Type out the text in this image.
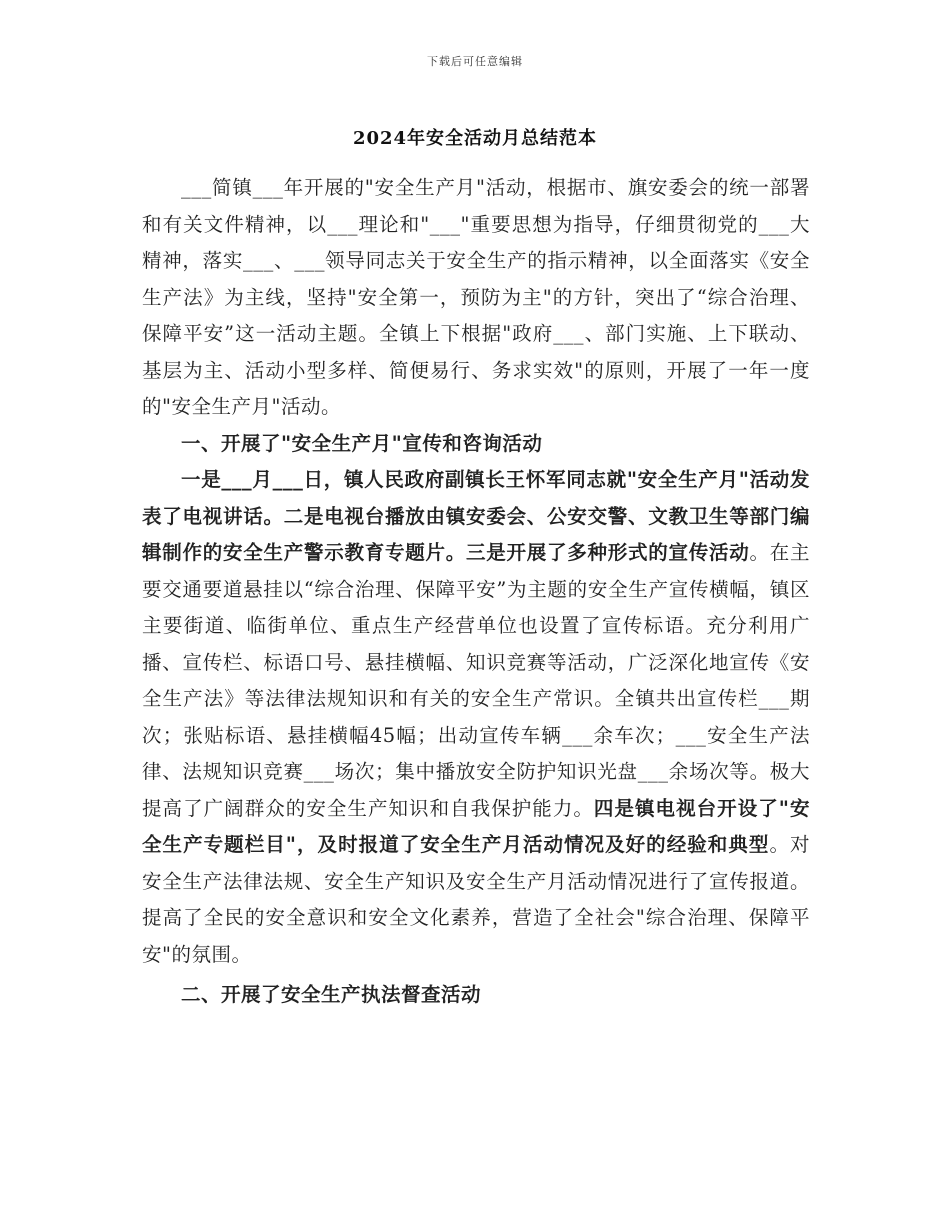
下载后可任意编辑
2024年安全活动月总结范本

___简镇___年开展的"安全生产月"活动，根据市、旗安委会的统一部署和有关文件精神，以___理论和"___"重要思想为指导，仔细贯彻党的___大精神，落实___、___领导同志关于安全生产的指示精神，以全面落实《安全生产法》为主线，坚持"安全第一，预防为主"的方针，突出了“综合治理、保障平安”这一活动主题。全镇上下根据"政府___、部门实施、上下联动、基层为主、活动小型多样、简便易行、务求实效"的原则，开展了一年一度的"安全生产月"活动。

一、开展了"安全生产月"宣传和咨询活动

一是___月___日，镇人民政府副镇长王怀军同志就"安全生产月"活动发表了电视讲话。二是电视台播放由镇安委会、公安交警、文教卫生等部门编辑制作的安全生产警示教育专题片。三是开展了多种形式的宣传活动。在主要交通要道悬挂以“综合治理、保障平安”为主题的安全生产宣传横幅，镇区主要街道、临街单位、重点生产经营单位也设置了宣传标语。充分利用广播、宣传栏、标语口号、悬挂横幅、知识竞赛等活动，广泛深化地宣传《安全生产法》等法律法规知识和有关的安全生产常识。全镇共出宣传栏___期次；张贴标语、悬挂横幅45幅；出动宣传车辆___余车次；___安全生产法律、法规知识竞赛___场次；集中播放安全防护知识光盘___余场次等。极大提高了广阔群众的安全生产知识和自我保护能力。四是镇电视台开设了"安全生产专题栏目"，及时报道了安全生产月活动情况及好的经验和典型。对安全生产法律法规、安全生产知识及安全生产月活动情况进行了宣传报道。提高了全民的安全意识和安全文化素养，营造了全社会"综合治理、保障平安"的氛围。

二、开展了安全生产执法督查活动
